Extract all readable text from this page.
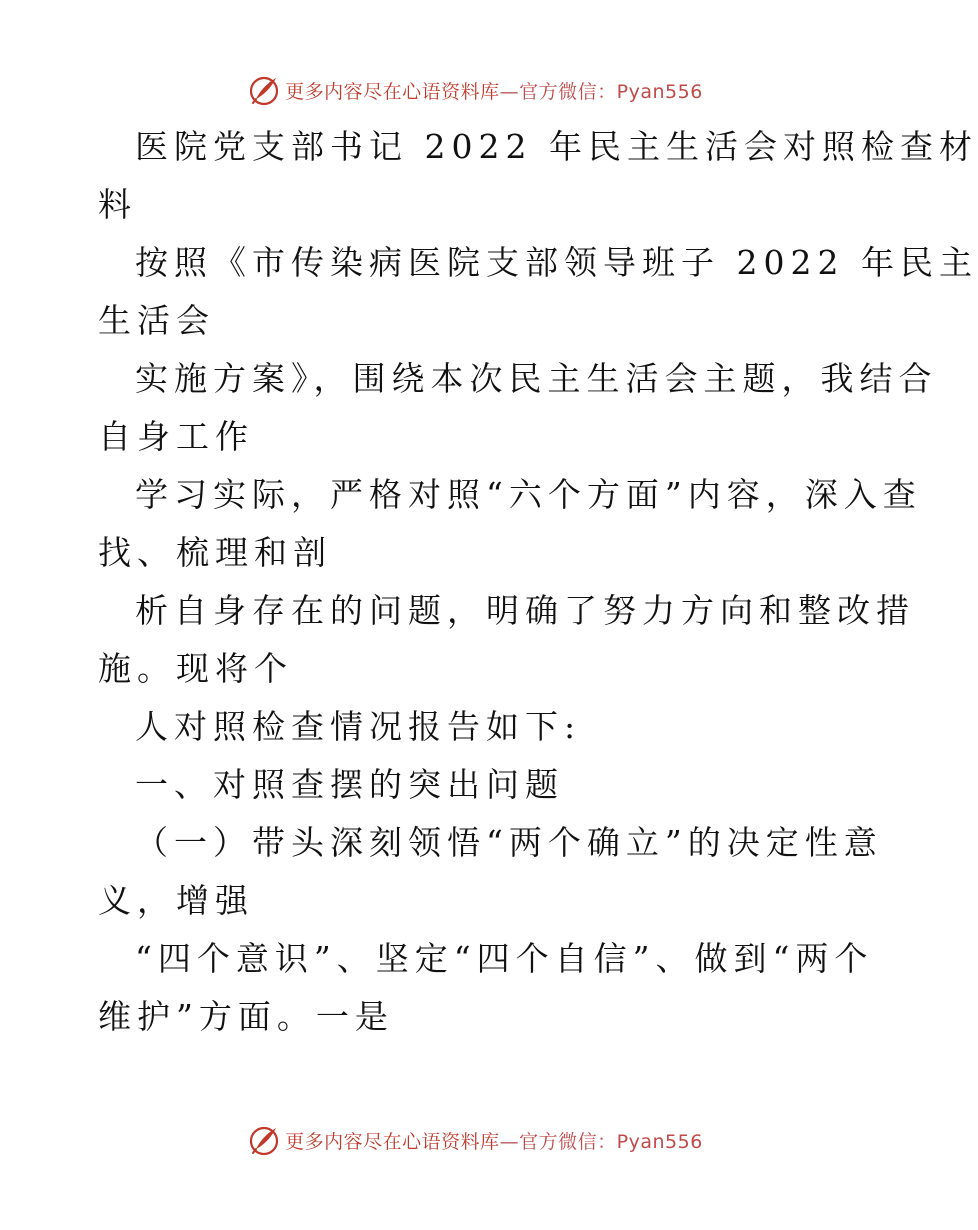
更多内容尽在心语资料库—官方微信：Pyan556
医院党支部书记 2022 年民主生活会对照检查材
料
按照《市传染病医院支部领导班子 2022 年民主
生活会
实施方案》，围绕本次民主生活会主题，我结合
自身工作
学习实际，严格对照“六个方面”内容，深入查
找、梳理和剖
析自身存在的问题，明确了努力方向和整改措
施。现将个
人对照检查情况报告如下:
一、对照查摆的突出问题
（一）带头深刻领悟“两个确立”的决定性意
义，增强
“四个意识”、坚定“四个自信”、做到“两个
维护”方面。一是
更多内容尽在心语资料库—官方微信：Pyan556
